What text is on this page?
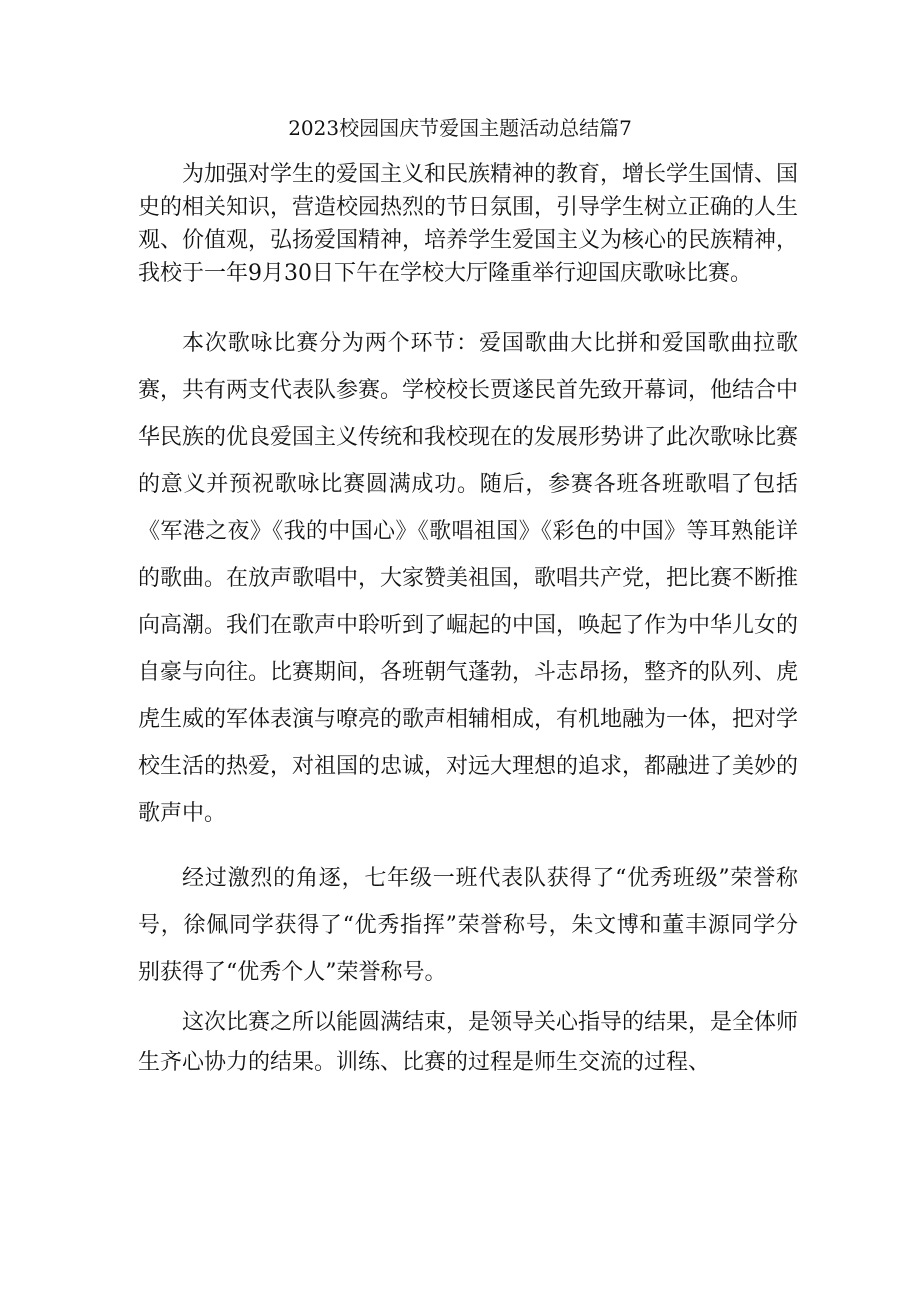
2023校园国庆节爱国主题活动总结篇7

为加强对学生的爱国主义和民族精神的教育，增长学生国情、国史的相关知识，营造校园热烈的节日氛围，引导学生树立正确的人生观、价值观，弘扬爱国精神，培养学生爱国主义为核心的民族精神，我校于一年9月30日下午在学校大厅隆重举行迎国庆歌咏比赛。

本次歌咏比赛分为两个环节：爱国歌曲大比拼和爱国歌曲拉歌赛，共有两支代表队参赛。学校校长贾遂民首先致开幕词，他结合中华民族的优良爱国主义传统和我校现在的发展形势讲了此次歌咏比赛的意义并预祝歌咏比赛圆满成功。随后，参赛各班各班歌唱了包括《军港之夜》《我的中国心》《歌唱祖国》《彩色的中国》等耳熟能详的歌曲。在放声歌唱中，大家赞美祖国，歌唱共产党，把比赛不断推向高潮。我们在歌声中聆听到了崛起的中国，唤起了作为中华儿女的自豪与向往。比赛期间，各班朝气蓬勃，斗志昂扬，整齐的队列、虎虎生威的军体表演与嘹亮的歌声相辅相成，有机地融为一体，把对学校生活的热爱，对祖国的忠诚，对远大理想的追求，都融进了美妙的歌声中。

经过激烈的角逐，七年级一班代表队获得了“优秀班级”荣誉称号，徐佩同学获得了“优秀指挥”荣誉称号，朱文博和董丰源同学分别获得了“优秀个人”荣誉称号。

这次比赛之所以能圆满结束，是领导关心指导的结果，是全体师生齐心协力的结果。训练、比赛的过程是师生交流的过程、
